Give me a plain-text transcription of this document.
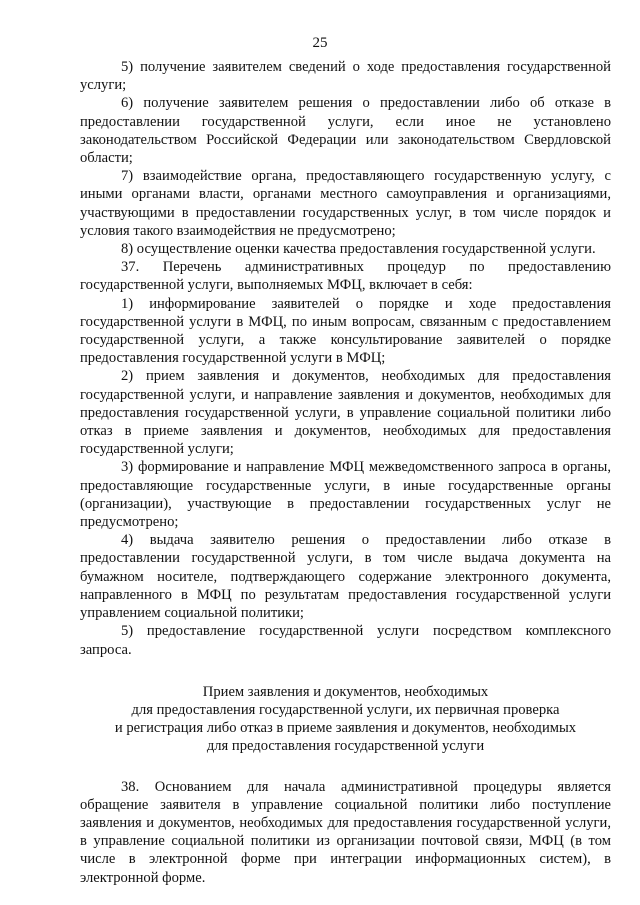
25

5) получение заявителем сведений о ходе предоставления государственной услуги;

6) получение заявителем решения о предоставлении либо об отказе в предоставлении государственной услуги, если иное не установлено законодательством Российской Федерации или законодательством Свердловской области;

7) взаимодействие органа, предоставляющего государственную услугу, с иными органами власти, органами местного самоуправления и организациями, участвующими в предоставлении государственных услуг, в том числе порядок и условия такого взаимодействия не предусмотрено;

8) осуществление оценки качества предоставления государственной услуги.

37. Перечень административных процедур по предоставлению государственной услуги, выполняемых МФЦ, включает в себя:

1) информирование заявителей о порядке и ходе предоставления государственной услуги в МФЦ, по иным вопросам, связанным с предоставлением государственной услуги, а также консультирование заявителей о порядке предоставления государственной услуги в МФЦ;

2) прием заявления и документов, необходимых для предоставления государственной услуги, и направление заявления и документов, необходимых для предоставления государственной услуги, в управление социальной политики либо отказ в приеме заявления и документов, необходимых для предоставления государственной услуги;

3) формирование и направление МФЦ межведомственного запроса в органы, предоставляющие государственные услуги, в иные государственные органы (организации), участвующие в предоставлении государственных услуг не предусмотрено;

4) выдача заявителю решения о предоставлении либо отказе в предоставлении государственной услуги, в том числе выдача документа на бумажном носителе, подтверждающего содержание электронного документа, направленного в МФЦ по результатам предоставления государственной услуги управлением социальной политики;

5) предоставление государственной услуги посредством комплексного запроса.

Прием заявления и документов, необходимых
для предоставления государственной услуги, их первичная проверка
и регистрация либо отказ в приеме заявления и документов, необходимых
для предоставления государственной услуги

38. Основанием для начала административной процедуры является обращение заявителя в управление социальной политики либо поступление заявления и документов, необходимых для предоставления государственной услуги, в управление социальной политики из организации почтовой связи, МФЦ (в том числе в электронной форме при интеграции информационных систем), в электронной форме.
